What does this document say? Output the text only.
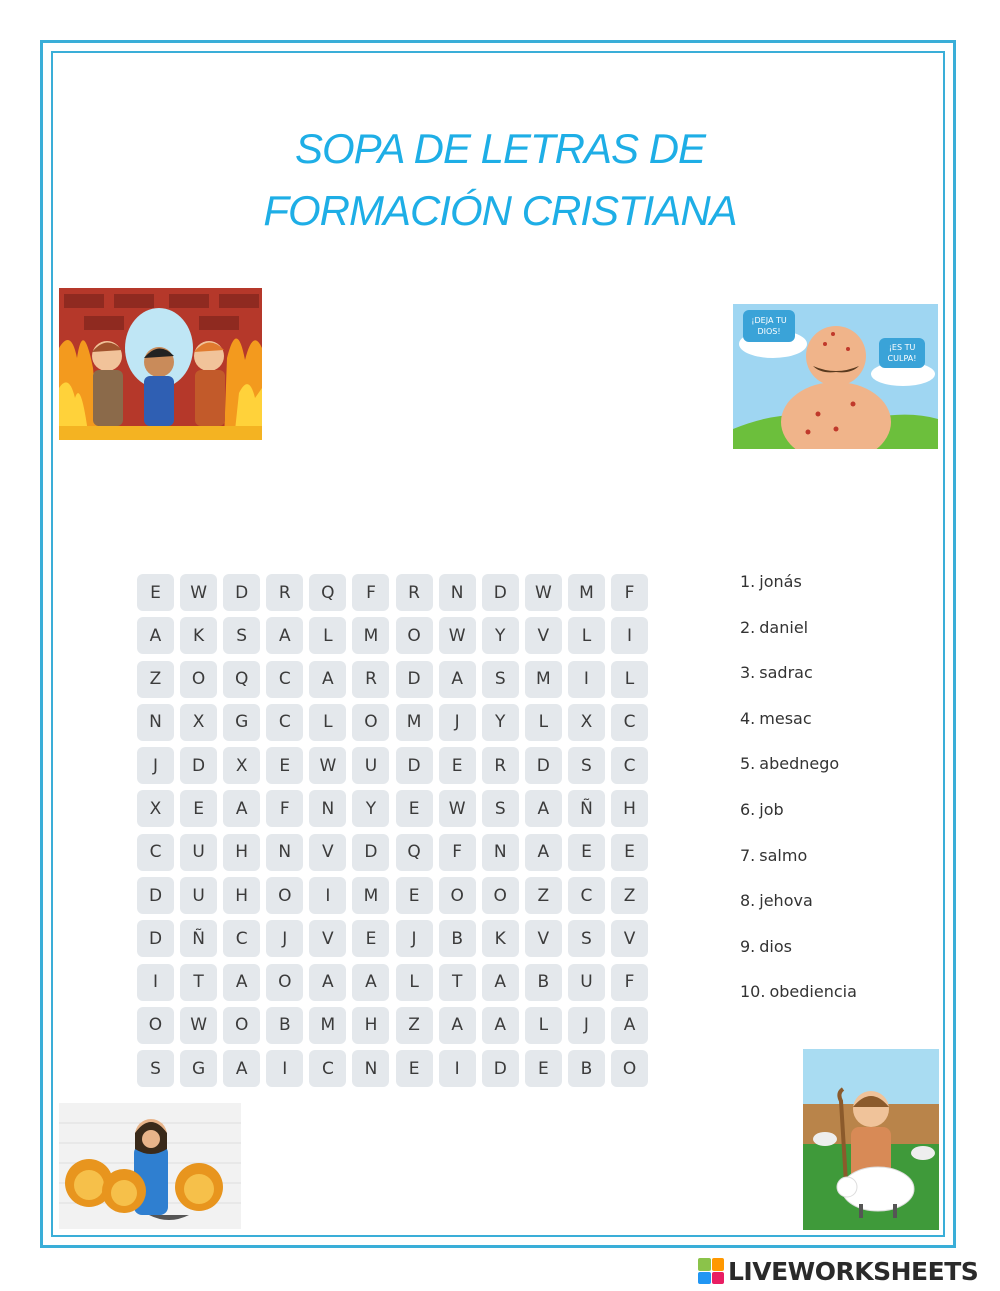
SOPA DE LETRAS DE
FORMACIÓN CRISTIANA
¡DEJA TU
DIOS!
¡ES TU
CULPA!
E	W	D	R	Q	F	R	N	D	W	M	F
A	K	S	A	L	M	O	W	Y	V	L	I
Z	O	Q	C	A	R	D	A	S	M	I	L
N	X	G	C	L	O	M	J	Y	L	X	C
J	D	X	E	W	U	D	E	R	D	S	C
X	E	A	F	N	Y	E	W	S	A	Ñ	H
C	U	H	N	V	D	Q	F	N	A	E	E
D	U	H	O	I	M	E	O	O	Z	C	Z
D	Ñ	C	J	V	E	J	B	K	V	S	V
I	T	A	O	A	A	L	T	A	B	U	F
O	W	O	B	M	H	Z	A	A	L	J	A
S	G	A	I	C	N	E	I	D	E	B	O
1. jonás
2. daniel
3. sadrac
4. mesac
5. abednego
6. job
7. salmo
8. jehova
9. dios
10. obediencia
LIVEWORKSHEETS
